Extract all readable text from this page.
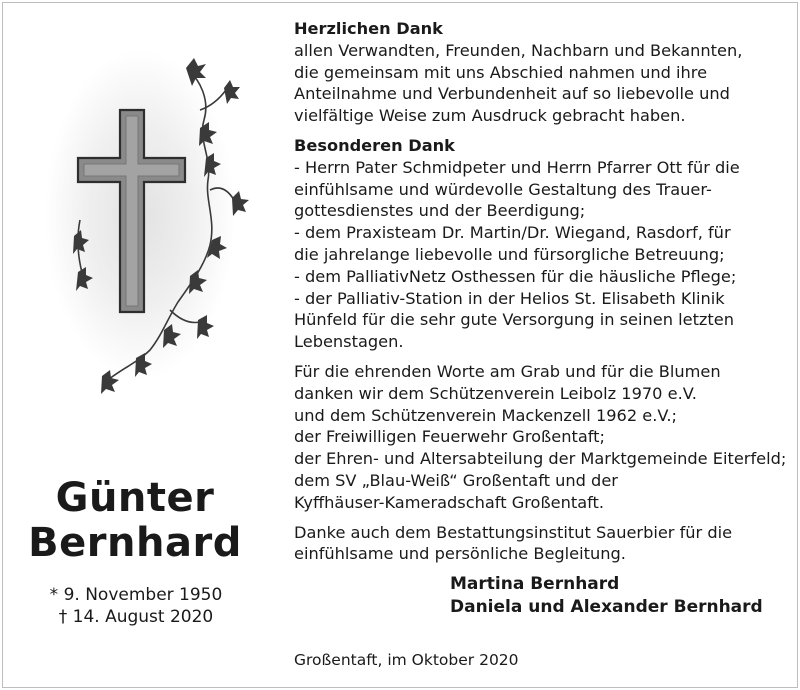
Günter
Bernhard
* 9. November 1950
† 14. August 2020

Herzlichen Dank

allen Verwandten, Freunden, Nachbarn und Bekannten,

die gemeinsam mit uns Abschied nahmen und ihre

Anteilnahme und Verbundenheit auf so liebevolle und

vielfältige Weise zum Ausdruck gebracht haben.

Besonderen Dank

- Herrn Pater Schmidpeter und Herrn Pfarrer Ott für die

einfühlsame und würdevolle Gestaltung des Trauer-

gottesdienstes und der Beerdigung;

- dem Praxisteam Dr. Martin/Dr. Wiegand, Rasdorf, für

die jahrelange liebevolle und fürsorgliche Betreuung;

- dem PalliativNetz Osthessen für die häusliche Pflege;

- der Palliativ-Station in der Helios St. Elisabeth Klinik

Hünfeld für die sehr gute Versorgung in seinen letzten

Lebenstagen.

Für die ehrenden Worte am Grab und für die Blumen

danken wir dem Schützenverein Leibolz 1970 e.V.

und dem Schützenverein Mackenzell 1962 e.V.;

der Freiwilligen Feuerwehr Großentaft;

der Ehren- und Altersabteilung der Marktgemeinde Eiterfeld;

dem SV „Blau-Weiß“ Großentaft und der

Kyffhäuser-Kameradschaft Großentaft.

Danke auch dem Bestattungsinstitut Sauerbier für die

einfühlsame und persönliche Begleitung.

Martina Bernhard

Daniela und Alexander Bernhard

Großentaft, im Oktober 2020
